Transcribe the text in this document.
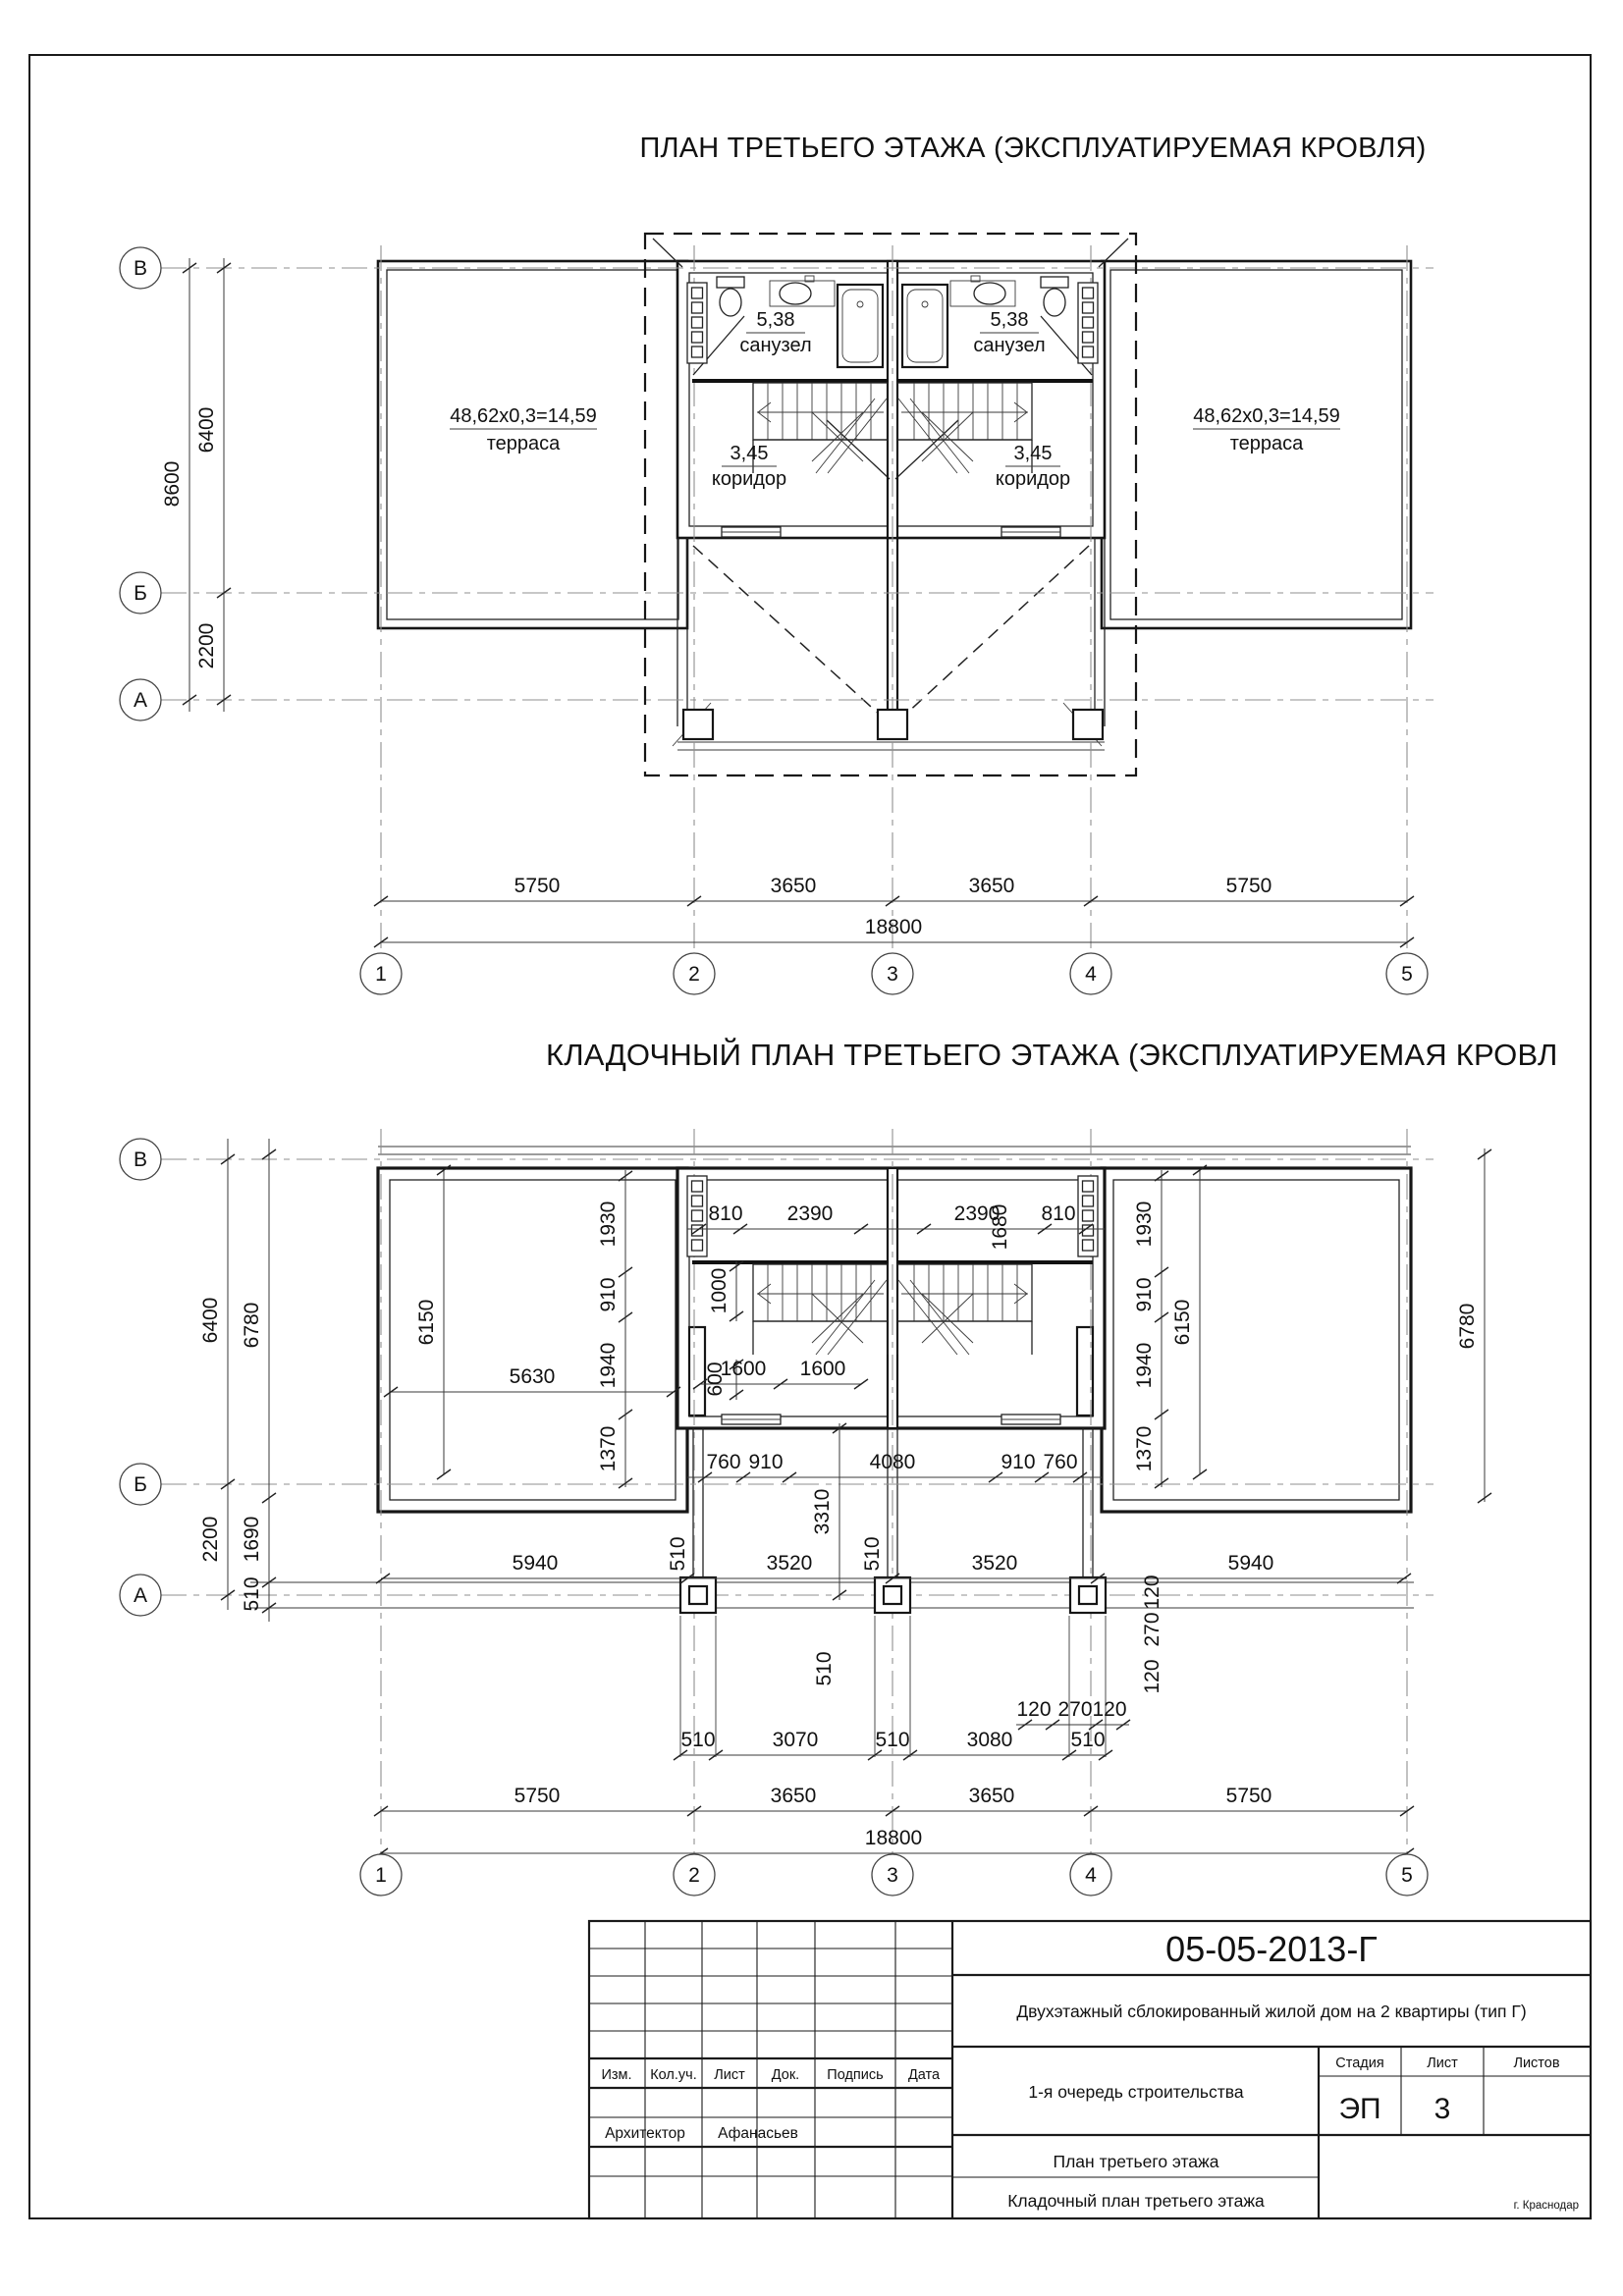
ПЛАН ТРЕТЬЕГО ЭТАЖА (ЭКСПЛУАТИРУЕМАЯ КРОВЛЯ)
48,62x0,3=14,59
терраса
48,62x0,3=14,59
терраса
5,38
санузел
5,38
санузел
3,45
коридор
3,45
коридор
8600
6400
2200
5750	3650	3650	5750
18800
В
Б
А
1	2	3	4	5
КЛАДОЧНЫЙ ПЛАН ТРЕТЬЕГО ЭТАЖА (ЭКСПЛУАТИРУЕМАЯ КРОВЛ
6400
2200
6780
1690
510
6150
5630
810 2390	2390 810
1680
1930
910
1940
1370
1930
910
1940
1370
6150	6780
1000
600
1600 1600
760 910	4080	910 760
5940	3520	3520	5940
3310
510	510
510
120
270
120
120 270 120
510	3070	510	3080	510
5750	3650	3650	5750
18800
В
Б
А
1	2	3	4	5
Изм. Кол.уч. Лист Док. Подпись Дата
Архитектор Афанасьев
05-05-2013-Г
Двухэтажный сблокированный жилой дом на 2 квартиры (тип Г)
1-я очередь строительства
Стадия	Лист	Листов
ЭП 3
План третьего этажа
Кладочный план третьего этажа	г. Краснодар
